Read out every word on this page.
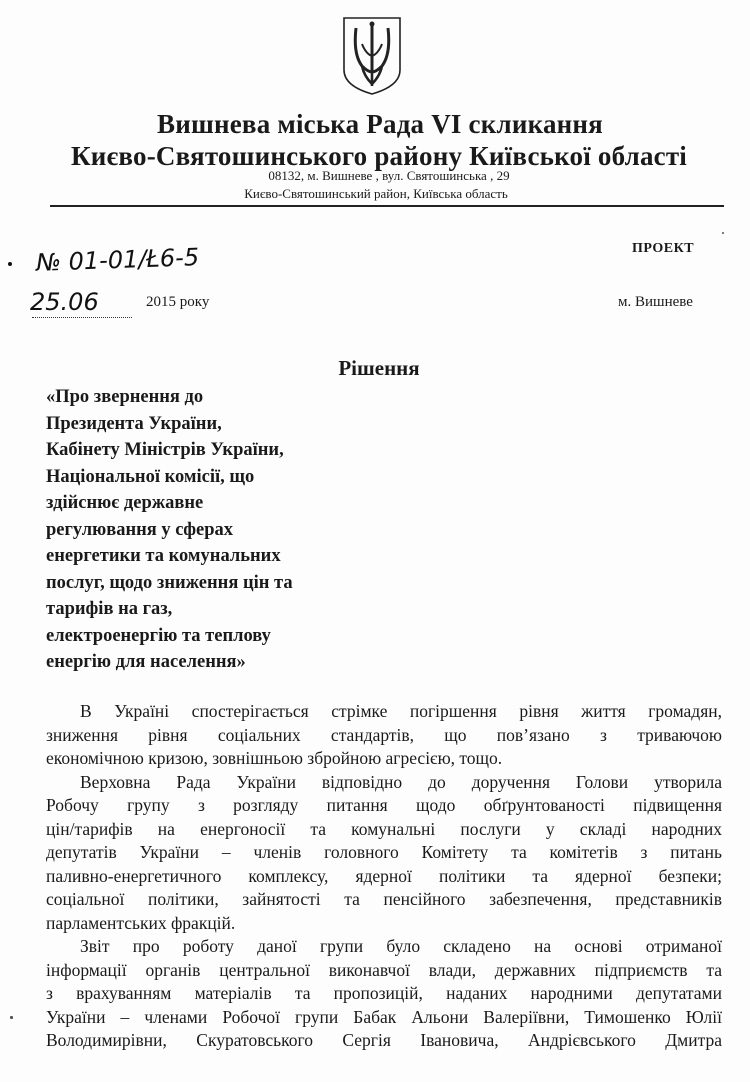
Вишнева міська Рада VI скликання
Києво-Святошинського району Київської області
08132, м. Вишневе , вул. Святошинська , 29
Києво-Святошинський район, Київська область
№ 01-01/Ł6-5	ПРОЕКТ
25.06	2015 року	м. Вишневе
Рішення
«Про звернення до
Президента України,
Кабінету Міністрів України,
Національної комісії, що
здійснює державне
регулювання у сферах
енергетики та комунальних
послуг, щодо зниження цін та
тарифів на газ,
електроенергію та теплову
енергію для населення»
В Україні спостерігається стрімке погіршення рівня життя громадян,
зниження рівня соціальних стандартів, що пов’язано з триваючою
економічною кризою, зовнішньою збройною агресією, тощо.
Верховна Рада України відповідно до доручення Голови утворила
Робочу групу з розгляду питання щодо обґрунтованості підвищення
цін/тарифів на енергоносії та комунальні послуги у складі народних
депутатів України – членів головного Комітету та комітетів з питань
паливно-енергетичного комплексу, ядерної політики та ядерної безпеки;
соціальної політики, зайнятості та пенсійного забезпечення, представників
парламентських фракцій.
Звіт про роботу даної групи було складено на основі отриманої
інформації органів центральної виконавчої влади, державних підприємств та
з врахуванням матеріалів та пропозицій, наданих народними депутатами
України – членами Робочої групи Бабак Альони Валеріївни, Тимошенко Юлії
Володимирівни, Скуратовського Сергія Івановича, Андрієвського Дмитра
